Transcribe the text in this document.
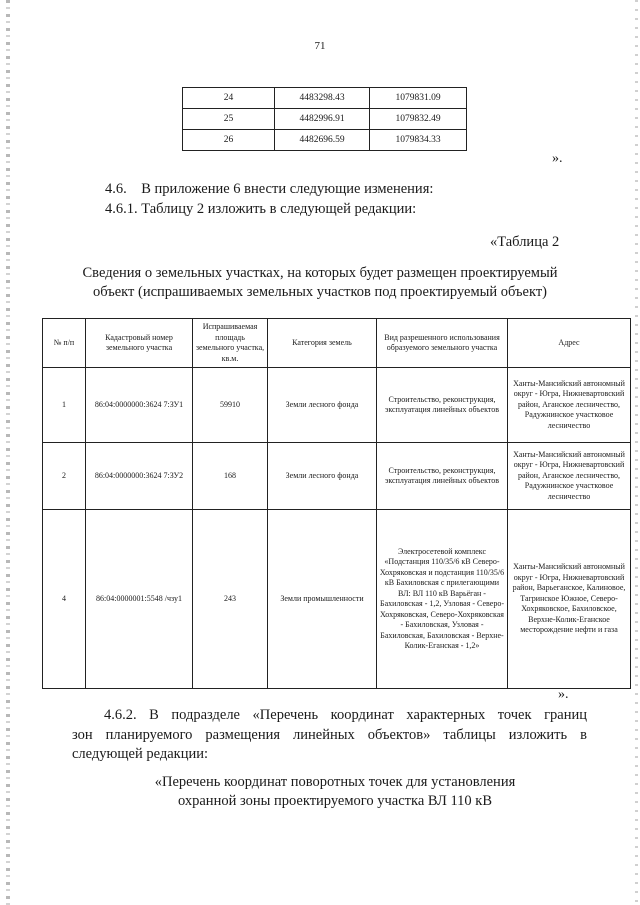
71
24	4483298.43	1079831.09
25	4482996.91	1079832.49
26	4482696.59	1079834.33
».
4.6.    В приложение 6 внести следующие изменения:
4.6.1. Таблицу 2 изложить в следующей редакции:
«Таблица 2
Сведения о земельных участках, на которых будет размещен проектируемый
объект (испрашиваемых земельных участков под проектируемый объект)
№ п/п	Кадастровый номер земельного участка	Испрашиваемая площадь земельного участка, кв.м.	Категория земель	Вид разрешенного использования образуемого земельного участка	Адрес
1	86:04:0000000:3624 7:ЗУ1	59910	Земли лесного фонда	Строительство, реконструкция, эксплуатация линейных объектов	Ханты-Мансийский автономный округ - Югра, Нижневартовский район, Аганское лесничество, Радужнинское участковое лесничество
2	86:04:0000000:3624 7:ЗУ2	168	Земли лесного фонда	Строительство, реконструкция, эксплуатация линейных объектов	Ханты-Мансийский автономный округ - Югра, Нижневартовский район, Аганское лесничество, Радужнинское участковое лесничество
4	86:04:0000001:5548 /чзу1	243	Земли промышленности	Электросетевой комплекс «Подстанция 110/35/6 кВ Северо-Хохряковская и подстанция 110/35/6 кВ Бахиловская с прилегающими ВЛ: ВЛ 110 кВ Варьёган - Бахиловская - 1,2, Узловая - Северо-Хохряковская, Северо-Хохряковская - Бахиловская, Узловая - Бахиловская, Бахиловская - Верхне-Колик-Еганская - 1,2»	Ханты-Мансийский автономный округ - Югра, Нижневартовский район, Варьеганское, Калиновое, Тагринское Южное, Северо-Хохряковское, Бахиловское, Верхне-Колик-Еганское месторождение нефти и газа
».
4.6.2. В подразделе «Перечень координат характерных точек границ
зон планируемого размещения линейных объектов» таблицы изложить в следующей редакции:
«Перечень координат поворотных точек для установления
охранной зоны проектируемого участка ВЛ 110 кВ
